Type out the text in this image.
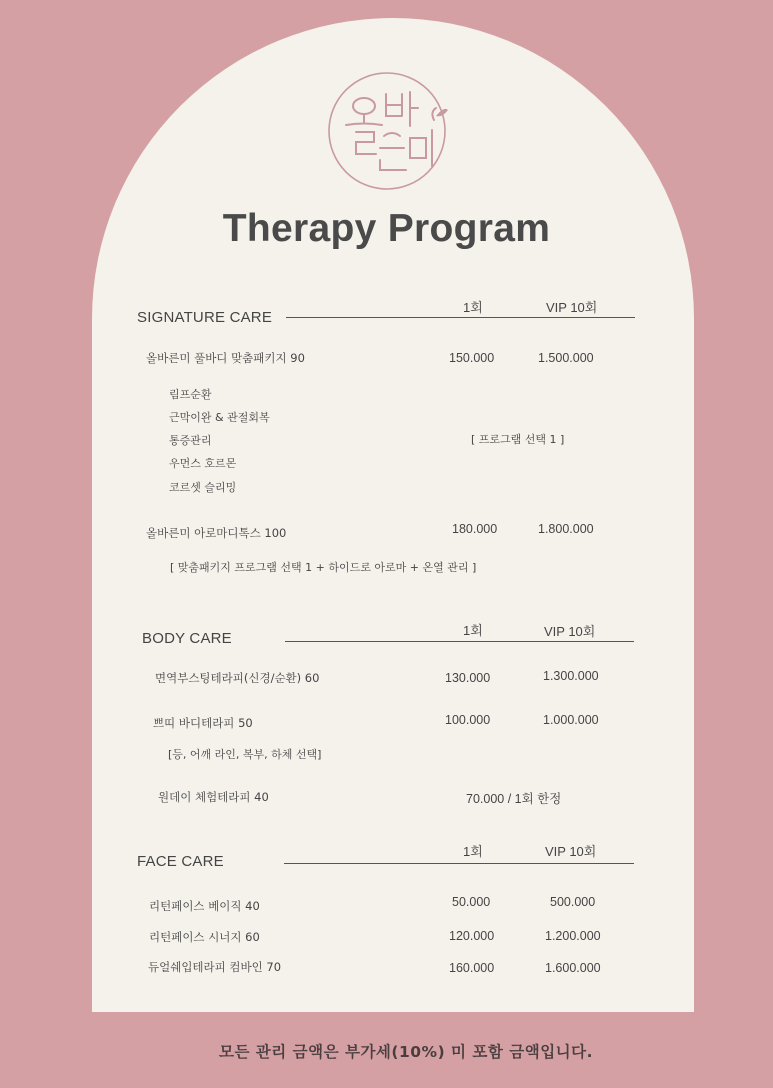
Therapy Program
SIGNATURE CARE
1회	VIP 10회
올바른미 풀바디 맞춤패키지 90	150.000	1.500.000
림프순환
근막이완 & 관절회복
통증관리
우먼스 호르몬
코르셋 슬리밍
[ 프로그램 선택 1 ]
올바른미 아로마디톡스 100	180.000	1.800.000
[ 맞춤패키지 프로그램 선택 1 + 하이드로 아로마 + 온열 관리 ]
BODY CARE	1회	VIP 10회
면역부스팅테라피(신경/순환) 60	130.000	1.300.000
쁘띠 바디테라피 50	100.000	1.000.000
[등, 어깨 라인, 복부, 하체 선택]
원데이 체험테라피 40	70.000 / 1회 한정
FACE CARE
1회	VIP 10회
리턴페이스 베이직 40	50.000	500.000
리턴페이스 시너지 60	120.000	1.200.000
듀얼쉐입테라피 컴바인 70	160.000	1.600.000
모든 관리 금액은 부가세(10%) 미 포함 금액입니다.
